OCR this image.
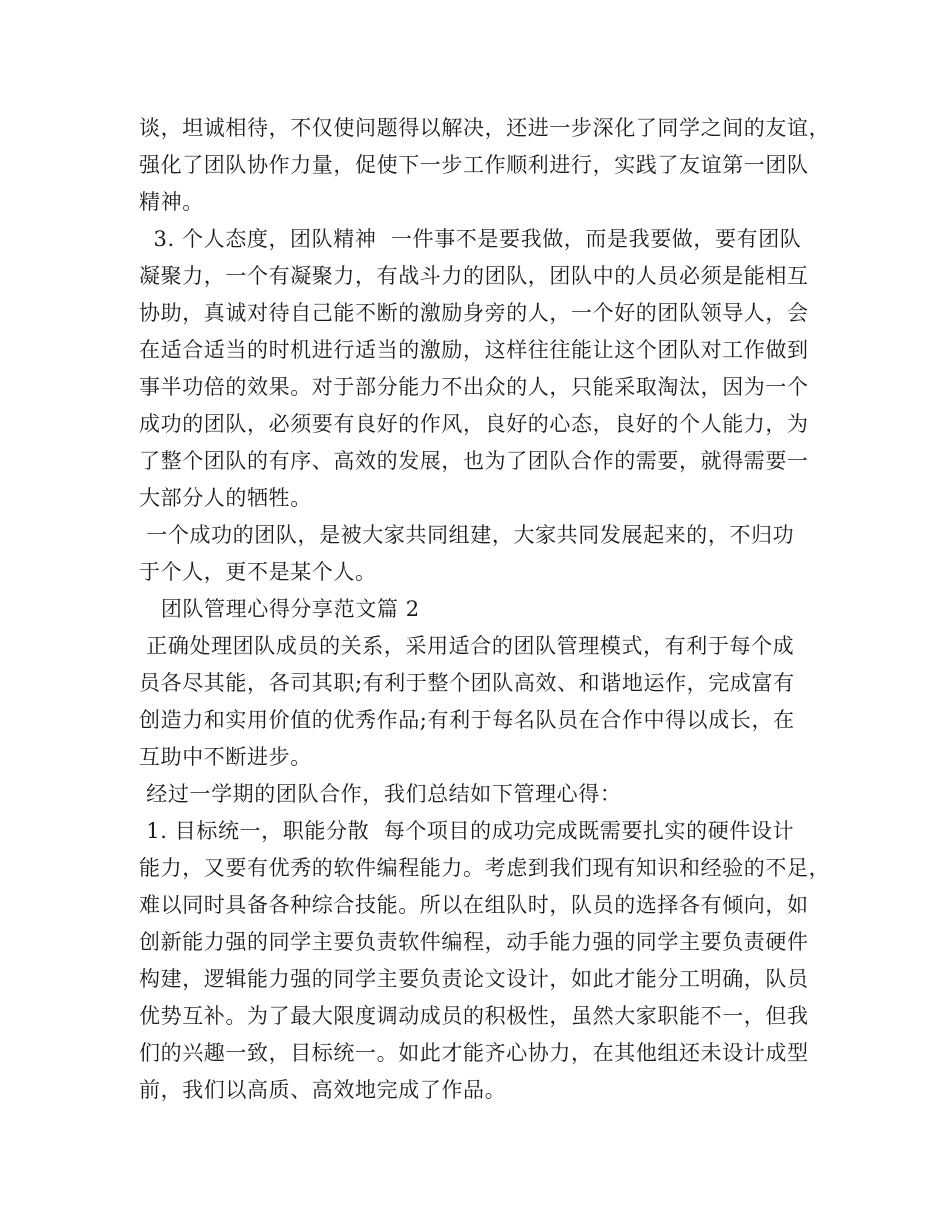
谈，坦诚相待，不仅使问题得以解决，还进一步深化了同学之间的友谊，
强化了团队协作力量，促使下一步工作顺利进行，实践了友谊第一团队
精神。
3. 个人态度，团队精神  一件事不是要我做，而是我要做，要有团队
凝聚力，一个有凝聚力，有战斗力的团队，团队中的人员必须是能相互
协助，真诚对待自己能不断的激励身旁的人，一个好的团队领导人，会
在适合适当的时机进行适当的激励，这样往往能让这个团队对工作做到
事半功倍的效果。对于部分能力不出众的人，只能采取淘汰，因为一个
成功的团队，必须要有良好的作风，良好的心态，良好的个人能力，为
了整个团队的有序、高效的发展，也为了团队合作的需要，就得需要一
大部分人的牺牲。
一个成功的团队，是被大家共同组建，大家共同发展起来的，不归功
于个人，更不是某个人。
团队管理心得分享范文篇 2
正确处理团队成员的关系，采用适合的团队管理模式，有利于每个成
员各尽其能，各司其职;有利于整个团队高效、和谐地运作，完成富有
创造力和实用价值的优秀作品;有利于每名队员在合作中得以成长，在
互助中不断进步。
经过一学期的团队合作，我们总结如下管理心得：
1. 目标统一，职能分散  每个项目的成功完成既需要扎实的硬件设计
能力，又要有优秀的软件编程能力。考虑到我们现有知识和经验的不足，
难以同时具备各种综合技能。所以在组队时，队员的选择各有倾向，如
创新能力强的同学主要负责软件编程，动手能力强的同学主要负责硬件
构建，逻辑能力强的同学主要负责论文设计，如此才能分工明确，队员
优势互补。为了最大限度调动成员的积极性，虽然大家职能不一，但我
们的兴趣一致，目标统一。如此才能齐心协力，在其他组还未设计成型
前，我们以高质、高效地完成了作品。
